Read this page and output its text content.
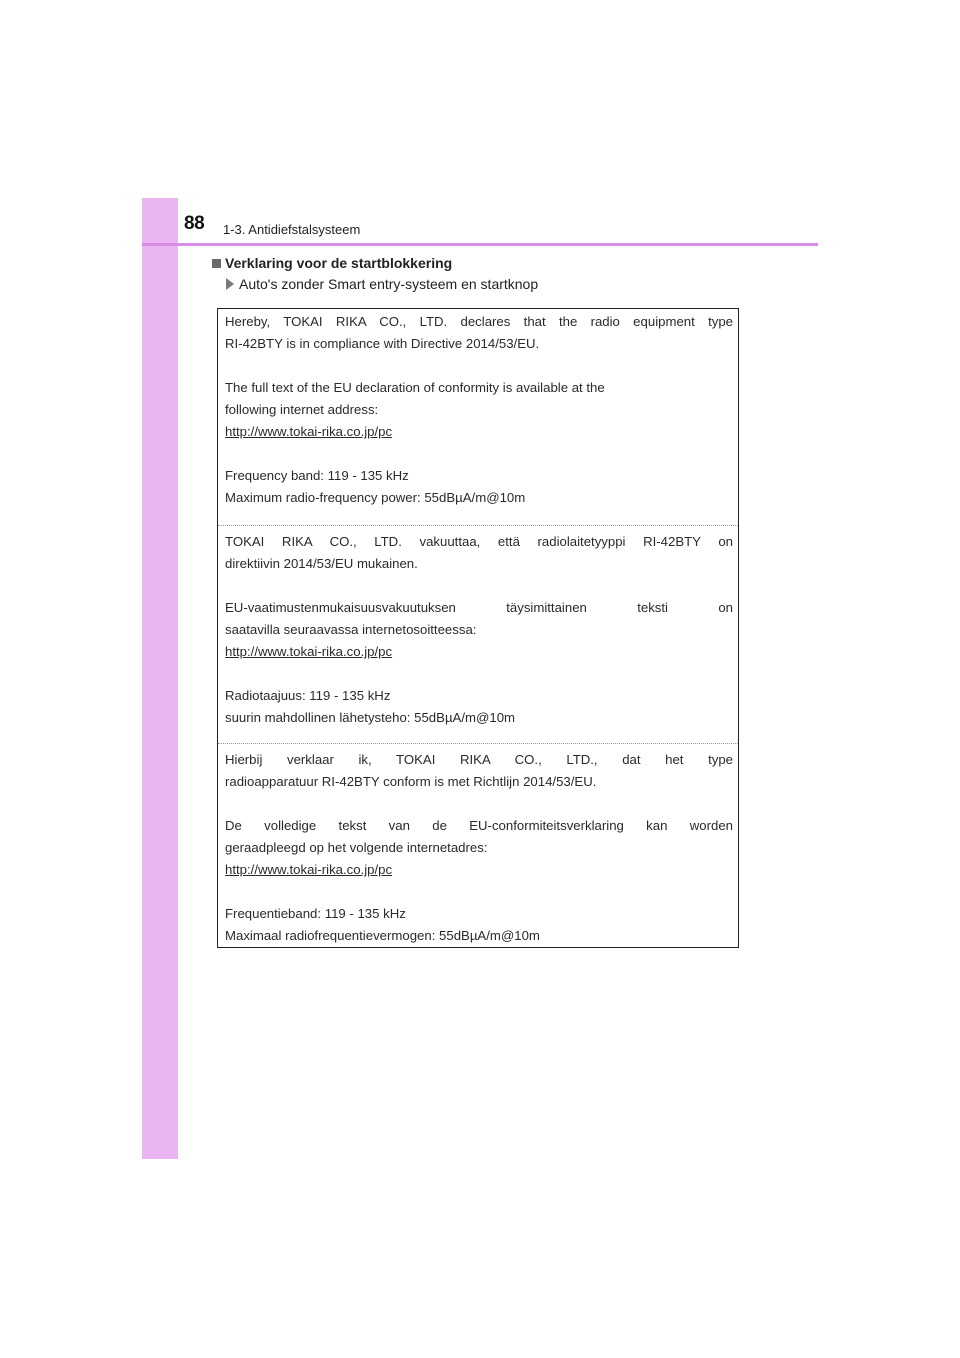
88 1-3. Antidiefstalsysteem
Verklaring voor de startblokkering
Auto's zonder Smart entry-systeem en startknop

Hereby, TOKAI RIKA CO., LTD. declares that the radio equipment type

RI-42BTY is in compliance with Directive 2014/53/EU.

The full text of the EU declaration of conformity is available at the

following internet address:

http://www.tokai-rika.co.jp/pc

Frequency band: 119 - 135 kHz

Maximum radio-frequency power: 55dBµA/m@10m

TOKAI RIKA CO., LTD. vakuuttaa, että radiolaitetyyppi RI-42BTY on

direktiivin 2014/53/EU mukainen.

EU-vaatimustenmukaisuusvakuutuksen täysimittainen teksti on

saatavilla seuraavassa internetosoitteessa:

http://www.tokai-rika.co.jp/pc

Radiotaajuus: 119 - 135 kHz

suurin mahdollinen lähetysteho: 55dBµA/m@10m

Hierbij verklaar ik, TOKAI RIKA CO., LTD., dat het type

radioapparatuur RI-42BTY conform is met Richtlijn 2014/53/EU.

De volledige tekst van de EU-conformiteitsverklaring kan worden

geraadpleegd op het volgende internetadres:

http://www.tokai-rika.co.jp/pc

Frequentieband: 119 - 135 kHz

Maximaal radiofrequentievermogen: 55dBµA/m@10m
